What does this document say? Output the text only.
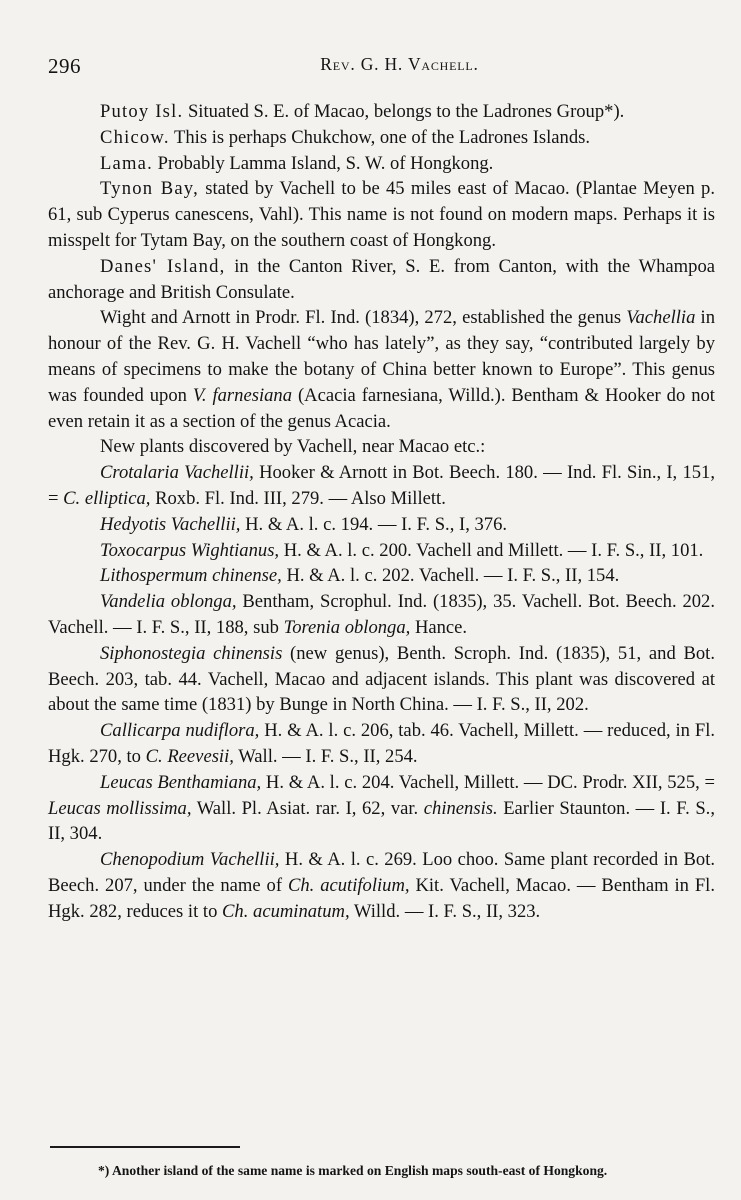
296	Rev. G. H. Vachell.

Putoy Isl. Situated S. E. of Macao, belongs to the Ladrones Group*).

Chicow. This is perhaps Chukchow, one of the Ladrones Islands.

Lama. Probably Lamma Island, S. W. of Hongkong.

Tynon Bay, stated by Vachell to be 45 miles east of Macao. (Plantae Meyen p. 61, sub Cyperus canescens, Vahl). This name is not found on modern maps. Perhaps it is misspelt for Tytam Bay, on the southern coast of Hongkong.

Danes' Island, in the Canton River, S. E. from Canton, with the Whampoa anchorage and British Consulate.

Wight and Arnott in Prodr. Fl. Ind. (1834), 272, established the genus Vachellia in honour of the Rev. G. H. Vachell “who has lately”, as they say, “contributed largely by means of specimens to make the botany of China better known to Europe”. This genus was founded upon V. farnesiana (Acacia farnesiana, Willd.). Bentham & Hooker do not even retain it as a section of the genus Acacia.

New plants discovered by Vachell, near Macao etc.:

Crotalaria Vachellii, Hooker & Arnott in Bot. Beech. 180. — Ind. Fl. Sin., I, 151, = C. elliptica, Roxb. Fl. Ind. III, 279. — Also Millett.

Hedyotis Vachellii, H. & A. l. c. 194. — I. F. S., I, 376.

Toxocarpus Wightianus, H. & A. l. c. 200. Vachell and Millett. — I. F. S., II, 101.

Lithospermum chinense, H. & A. l. c. 202. Vachell. — I. F. S., II, 154.

Vandelia oblonga, Bentham, Scrophul. Ind. (1835), 35. Vachell. Bot. Beech. 202. Vachell. — I. F. S., II, 188, sub Torenia oblonga, Hance.

Siphonostegia chinensis (new genus), Benth. Scroph. Ind. (1835), 51, and Bot. Beech. 203, tab. 44. Vachell, Macao and adjacent islands. This plant was discovered at about the same time (1831) by Bunge in North China. — I. F. S., II, 202.

Callicarpa nudiflora, H. & A. l. c. 206, tab. 46. Vachell, Millett. — reduced, in Fl. Hgk. 270, to C. Reevesii, Wall. — I. F. S., II, 254.

Leucas Benthamiana, H. & A. l. c. 204. Vachell, Millett. — DC. Prodr. XII, 525, = Leucas mollissima, Wall. Pl. Asiat. rar. I, 62, var. chinensis. Earlier Staunton. — I. F. S., II, 304.

Chenopodium Vachellii, H. & A. l. c. 269. Loo choo. Same plant recorded in Bot. Beech. 207, under the name of Ch. acutifolium, Kit. Vachell, Macao. — Bentham in Fl. Hgk. 282, reduces it to Ch. acuminatum, Willd. — I. F. S., II, 323.

*) Another island of the same name is marked on English maps south-east of Hongkong.
